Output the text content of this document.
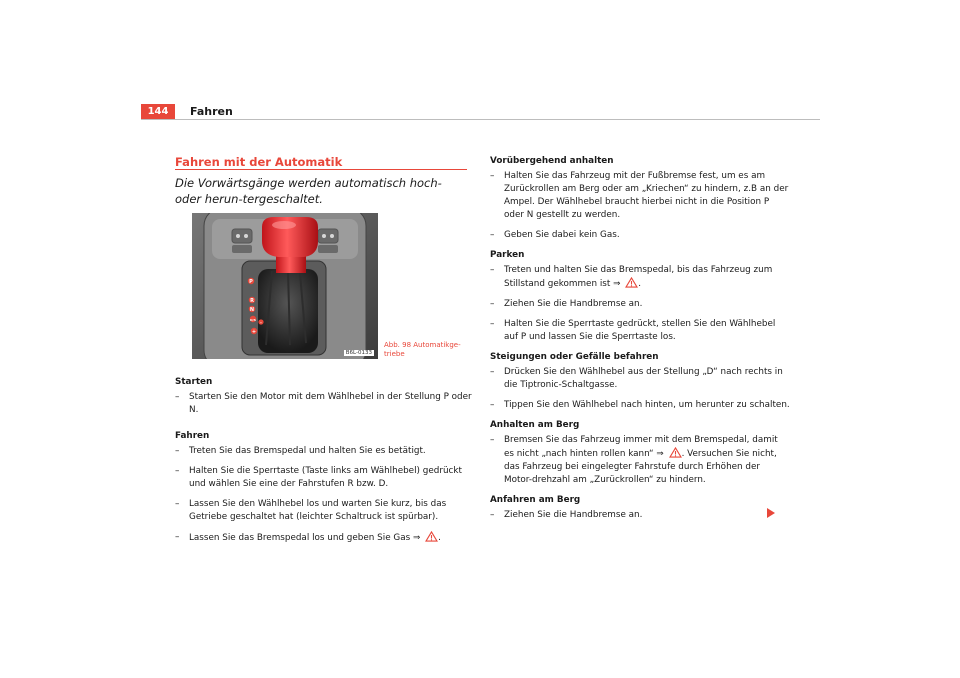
144	Fahren
Fahren mit der Automatik
Die Vorwärtsgänge werden automatisch hoch- oder herun-tergeschaltet.
P
R
N
D/S
+
-
B6L-0133
Abb. 98 Automatikge-triebe
Starten
– Starten Sie den Motor mit dem Wählhebel in der Stellung P oder N.
Fahren
– Treten Sie das Bremspedal und halten Sie es betätigt.
– Halten Sie die Sperrtaste (Taste links am Wählhebel) gedrückt und wählen Sie eine der Fahrstufen R bzw. D.
– Lassen Sie den Wählhebel los und warten Sie kurz, bis das Getriebe geschaltet hat (leichter Schaltruck ist spürbar).
– Lassen Sie das Bremspedal los und geben Sie Gas ⇒ .
Vorübergehend anhalten
– Halten Sie das Fahrzeug mit der Fußbremse fest, um es am Zurückrollen am Berg oder am „Kriechen“ zu hindern, z.B an der Ampel. Der Wählhebel braucht hierbei nicht in die Position P oder N gestellt zu werden.
– Geben Sie dabei kein Gas.
Parken
– Treten und halten Sie das Bremspedal, bis das Fahrzeug zum Stillstand gekommen ist ⇒ .
– Ziehen Sie die Handbremse an.
– Halten Sie die Sperrtaste gedrückt, stellen Sie den Wählhebel auf P und lassen Sie die Sperrtaste los.
Steigungen oder Gefälle befahren
– Drücken Sie den Wählhebel aus der Stellung „D“ nach rechts in die Tiptronic-Schaltgasse.
– Tippen Sie den Wählhebel nach hinten, um herunter zu schalten.
Anhalten am Berg
– Bremsen Sie das Fahrzeug immer mit dem Bremspedal, damit es nicht „nach hinten rollen kann“ ⇒ . Versuchen Sie nicht, das Fahrzeug bei eingelegter Fahrstufe durch Erhöhen der Motor-drehzahl am „Zurückrollen“ zu hindern.
Anfahren am Berg
– Ziehen Sie die Handbremse an.
